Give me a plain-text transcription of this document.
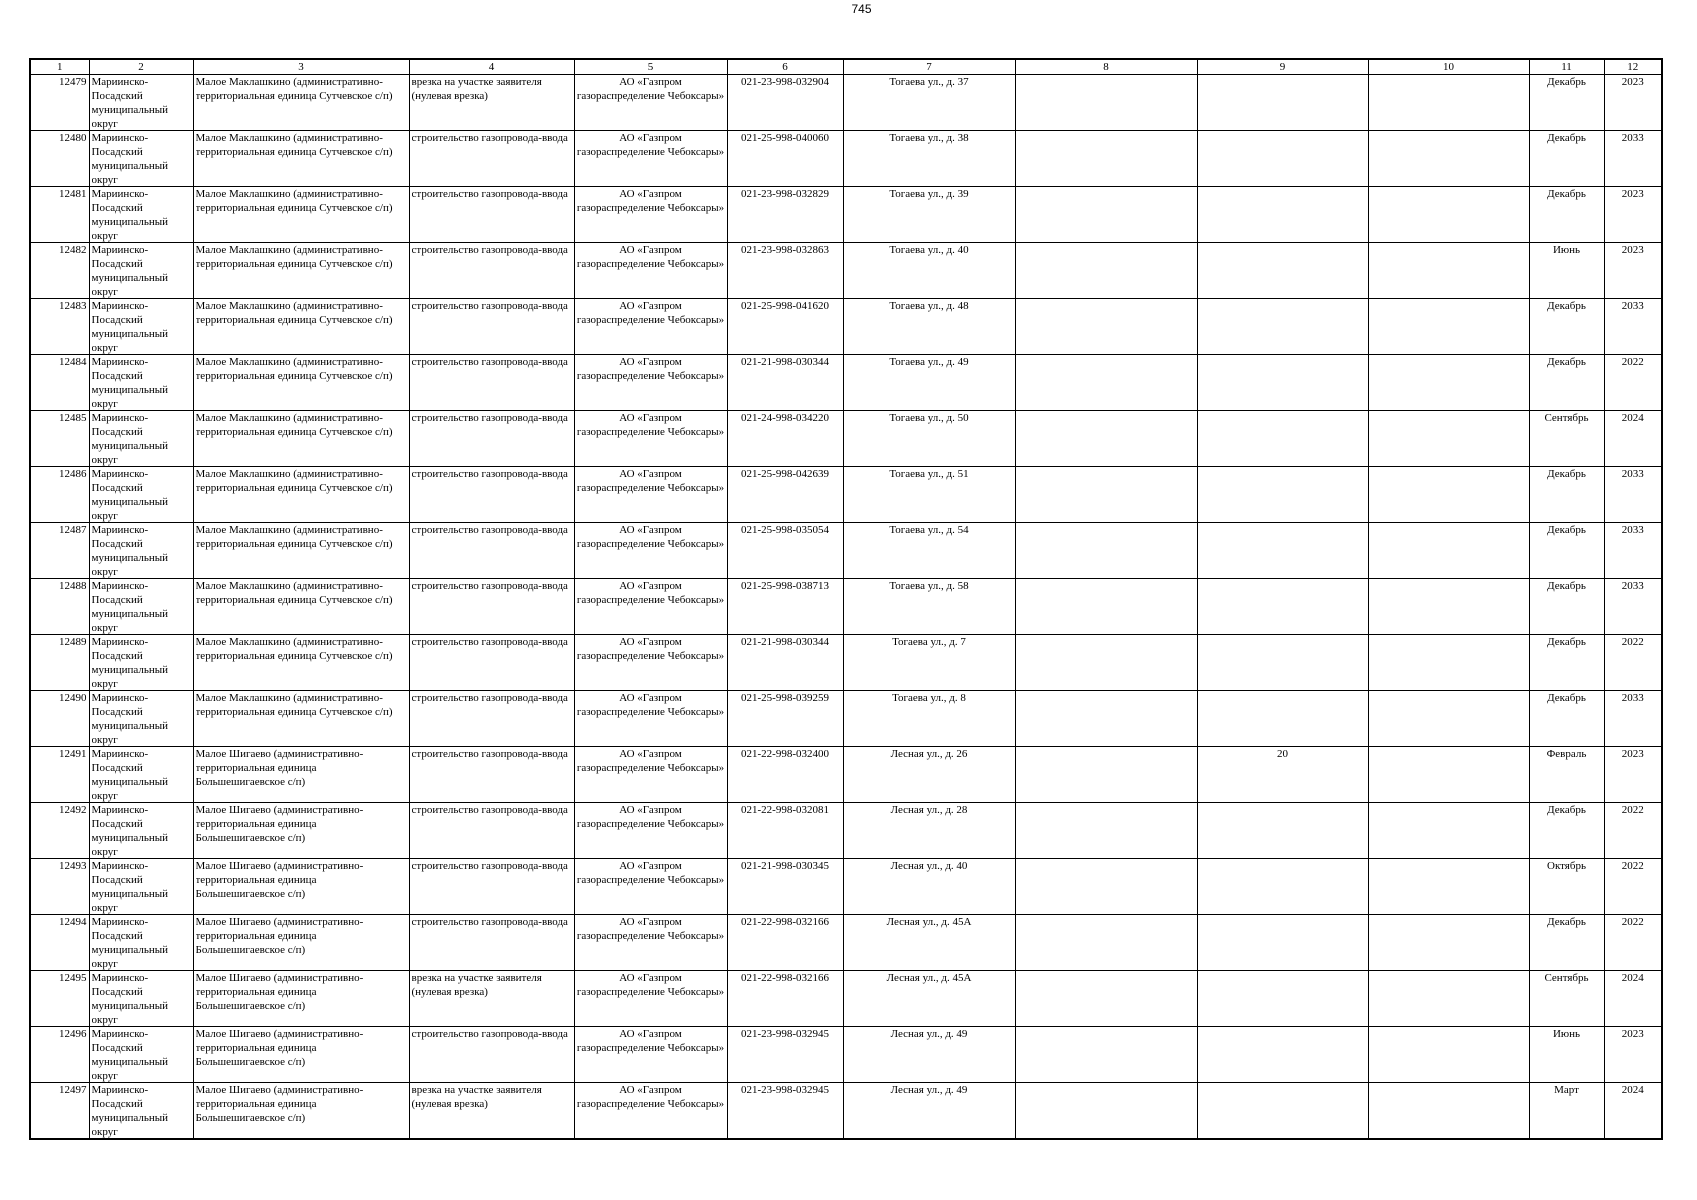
745
1	2	3	4	5	6	7	8	9	10	11	12

12479	Мариинско-Посадский муниципальный округ	Малое Маклашкино (административно-территориальная единица Сутчевское с/п)	врезка на участке заявителя (нулевая врезка)	АО «Газпром газораспределение Чебоксары»	021-23-998-032904	Тогаева ул., д. 37				Декабрь	2023

12480	Мариинско-Посадский муниципальный округ	Малое Маклашкино (административно-территориальная единица Сутчевское с/п)	строительство газопровода-ввода	АО «Газпром газораспределение Чебоксары»	021-25-998-040060	Тогаева ул., д. 38				Декабрь	2033

12481	Мариинско-Посадский муниципальный округ	Малое Маклашкино (административно-территориальная единица Сутчевское с/п)	строительство газопровода-ввода	АО «Газпром газораспределение Чебоксары»	021-23-998-032829	Тогаева ул., д. 39				Декабрь	2023

12482	Мариинско-Посадский муниципальный округ	Малое Маклашкино (административно-территориальная единица Сутчевское с/п)	строительство газопровода-ввода	АО «Газпром газораспределение Чебоксары»	021-23-998-032863	Тогаева ул., д. 40				Июнь	2023

12483	Мариинско-Посадский муниципальный округ	Малое Маклашкино (административно-территориальная единица Сутчевское с/п)	строительство газопровода-ввода	АО «Газпром газораспределение Чебоксары»	021-25-998-041620	Тогаева ул., д. 48				Декабрь	2033

12484	Мариинско-Посадский муниципальный округ	Малое Маклашкино (административно-территориальная единица Сутчевское с/п)	строительство газопровода-ввода	АО «Газпром газораспределение Чебоксары»	021-21-998-030344	Тогаева ул., д. 49				Декабрь	2022

12485	Мариинско-Посадский муниципальный округ	Малое Маклашкино (административно-территориальная единица Сутчевское с/п)	строительство газопровода-ввода	АО «Газпром газораспределение Чебоксары»	021-24-998-034220	Тогаева ул., д. 50				Сентябрь	2024

12486	Мариинско-Посадский муниципальный округ	Малое Маклашкино (административно-территориальная единица Сутчевское с/п)	строительство газопровода-ввода	АО «Газпром газораспределение Чебоксары»	021-25-998-042639	Тогаева ул., д. 51				Декабрь	2033

12487	Мариинско-Посадский муниципальный округ	Малое Маклашкино (административно-территориальная единица Сутчевское с/п)	строительство газопровода-ввода	АО «Газпром газораспределение Чебоксары»	021-25-998-035054	Тогаева ул., д. 54				Декабрь	2033

12488	Мариинско-Посадский муниципальный округ	Малое Маклашкино (административно-территориальная единица Сутчевское с/п)	строительство газопровода-ввода	АО «Газпром газораспределение Чебоксары»	021-25-998-038713	Тогаева ул., д. 58				Декабрь	2033

12489	Мариинско-Посадский муниципальный округ	Малое Маклашкино (административно-территориальная единица Сутчевское с/п)	строительство газопровода-ввода	АО «Газпром газораспределение Чебоксары»	021-21-998-030344	Тогаева ул., д. 7				Декабрь	2022

12490	Мариинско-Посадский муниципальный округ	Малое Маклашкино (административно-территориальная единица Сутчевское с/п)	строительство газопровода-ввода	АО «Газпром газораспределение Чебоксары»	021-25-998-039259	Тогаева ул., д. 8				Декабрь	2033

12491	Мариинско-Посадский муниципальный округ	Малое Шигаево (административно-территориальная единица Большешигаевское с/п)	строительство газопровода-ввода	АО «Газпром газораспределение Чебоксары»	021-22-998-032400	Лесная ул., д. 26		20		Февраль	2023

12492	Мариинско-Посадский муниципальный округ	Малое Шигаево (административно-территориальная единица Большешигаевское с/п)	строительство газопровода-ввода	АО «Газпром газораспределение Чебоксары»	021-22-998-032081	Лесная ул., д. 28				Декабрь	2022

12493	Мариинско-Посадский муниципальный округ	Малое Шигаево (административно-территориальная единица Большешигаевское с/п)	строительство газопровода-ввода	АО «Газпром газораспределение Чебоксары»	021-21-998-030345	Лесная ул., д. 40				Октябрь	2022

12494	Мариинско-Посадский муниципальный округ	Малое Шигаево (административно-территориальная единица Большешигаевское с/п)	строительство газопровода-ввода	АО «Газпром газораспределение Чебоксары»	021-22-998-032166	Лесная ул., д. 45А				Декабрь	2022

12495	Мариинско-Посадский муниципальный округ	Малое Шигаево (административно-территориальная единица Большешигаевское с/п)	врезка на участке заявителя (нулевая врезка)	АО «Газпром газораспределение Чебоксары»	021-22-998-032166	Лесная ул., д. 45А				Сентябрь	2024

12496	Мариинско-Посадский муниципальный округ	Малое Шигаево (административно-территориальная единица Большешигаевское с/п)	строительство газопровода-ввода	АО «Газпром газораспределение Чебоксары»	021-23-998-032945	Лесная ул., д. 49				Июнь	2023

12497	Мариинско-Посадский муниципальный округ	Малое Шигаево (административно-территориальная единица Большешигаевское с/п)	врезка на участке заявителя (нулевая врезка)	АО «Газпром газораспределение Чебоксары»	021-23-998-032945	Лесная ул., д. 49				Март	2024
